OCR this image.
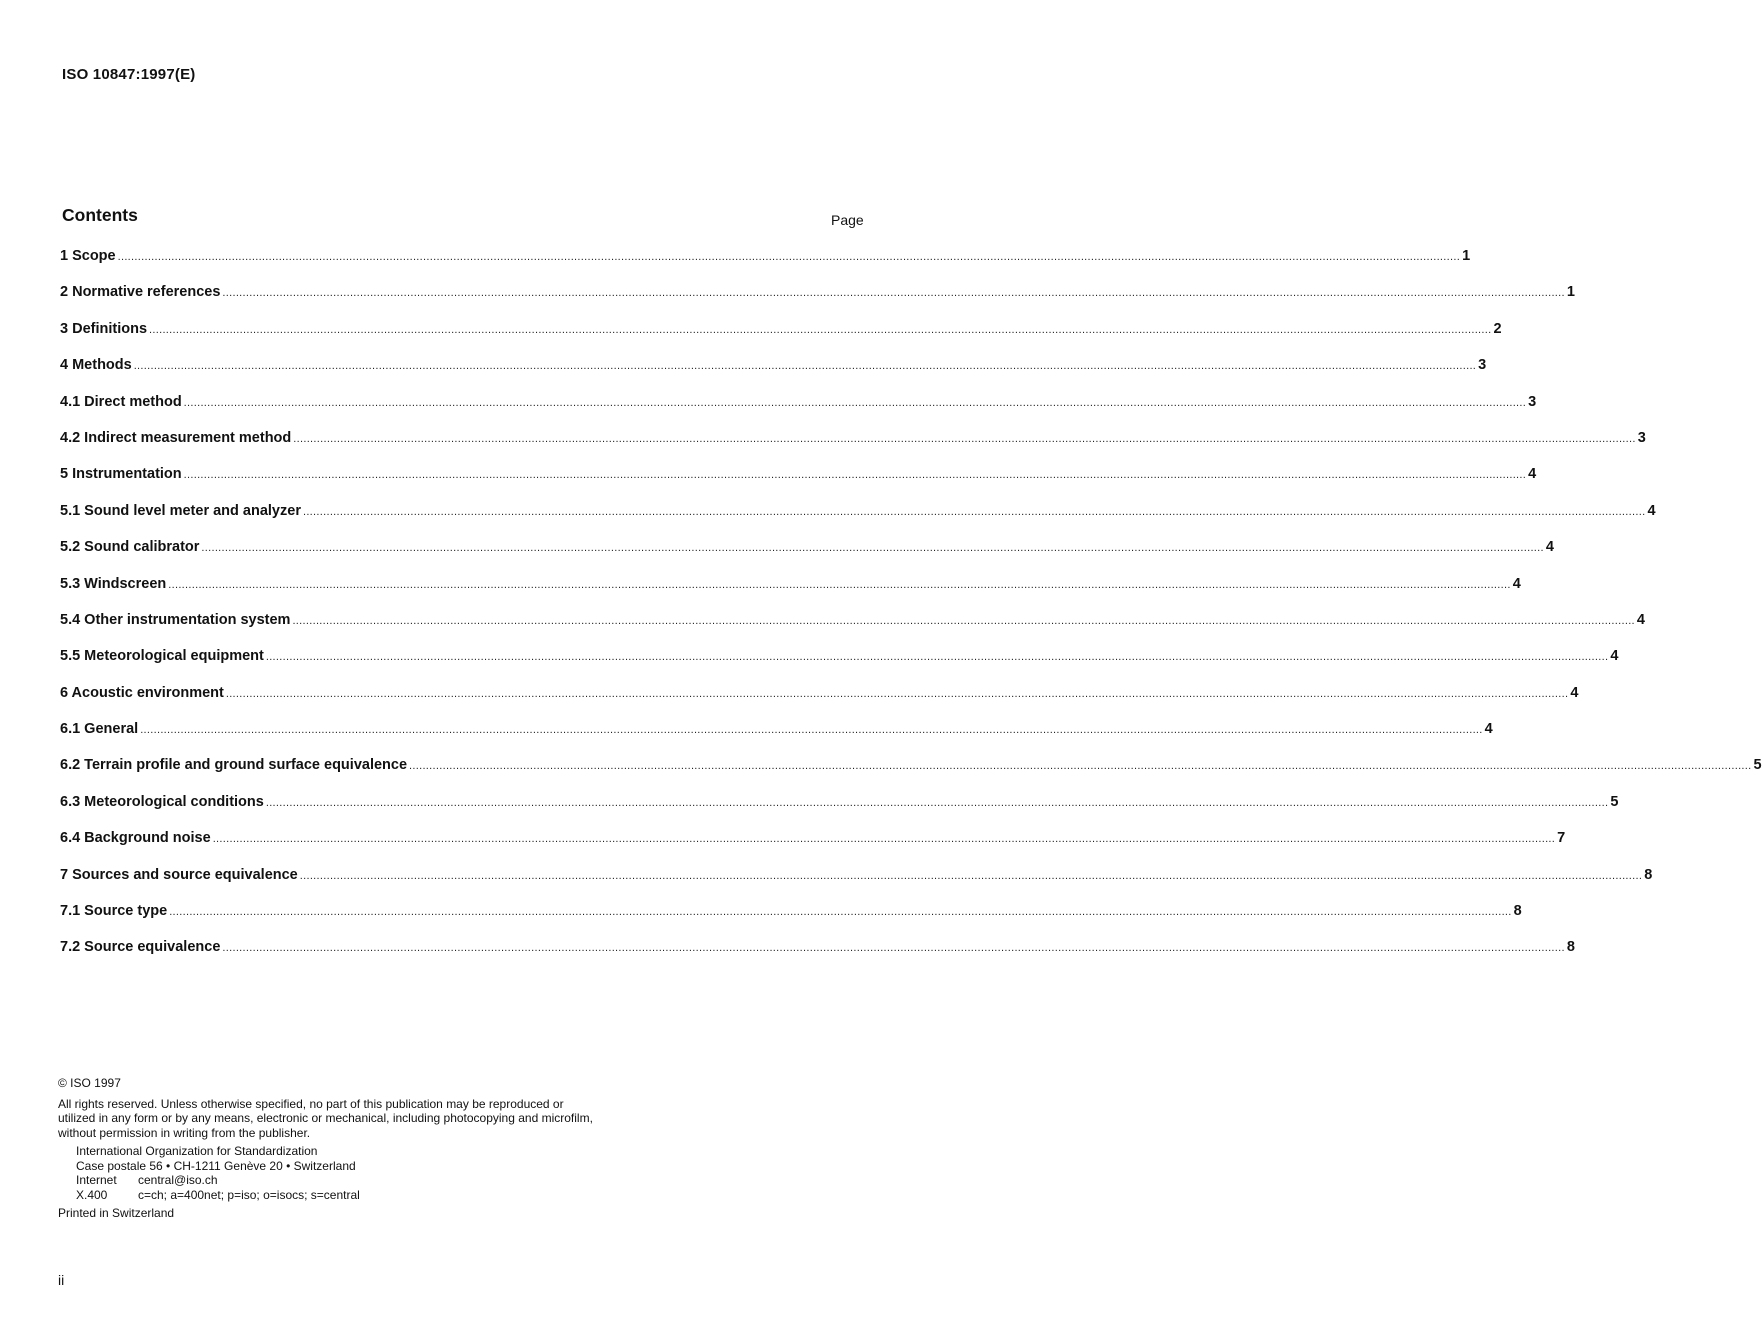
ISO 10847:1997(E)
Contents	Page
1 Scope ................................................................................................................................................................................................................................................................................................................................................................................................................ 1
2 Normative references ................................................................................................................................................................................................................................................................................................................................................................................................................ 1
3 Definitions ................................................................................................................................................................................................................................................................................................................................................................................................................ 2
4 Methods ................................................................................................................................................................................................................................................................................................................................................................................................................ 3
4.1 Direct method ................................................................................................................................................................................................................................................................................................................................................................................................................ 3
4.2 Indirect measurement method ................................................................................................................................................................................................................................................................................................................................................................................................................ 3
5 Instrumentation ................................................................................................................................................................................................................................................................................................................................................................................................................ 4
5.1 Sound level meter and analyzer ................................................................................................................................................................................................................................................................................................................................................................................................................ 4
5.2 Sound calibrator ................................................................................................................................................................................................................................................................................................................................................................................................................ 4
5.3 Windscreen ................................................................................................................................................................................................................................................................................................................................................................................................................ 4
5.4 Other instrumentation system ................................................................................................................................................................................................................................................................................................................................................................................................................ 4
5.5 Meteorological equipment ................................................................................................................................................................................................................................................................................................................................................................................................................ 4
6 Acoustic environment ................................................................................................................................................................................................................................................................................................................................................................................................................ 4
6.1 General ................................................................................................................................................................................................................................................................................................................................................................................................................ 4
6.2 Terrain profile and ground surface equivalence ................................................................................................................................................................................................................................................................................................................................................................................................................ 5
6.3 Meteorological conditions ................................................................................................................................................................................................................................................................................................................................................................................................................ 5
6.4 Background noise ................................................................................................................................................................................................................................................................................................................................................................................................................ 7
7 Sources and source equivalence ................................................................................................................................................................................................................................................................................................................................................................................................................ 8
7.1 Source type ................................................................................................................................................................................................................................................................................................................................................................................................................ 8
7.2 Source equivalence ................................................................................................................................................................................................................................................................................................................................................................................................................ 8

© ISO 1997

All rights reserved. Unless otherwise specified, no part of this publication may be reproduced or utilized in any form or by any means, electronic or mechanical, including photocopying and microfilm, without permission in writing from the publisher.

International Organization for Standardization

Case postale 56 • CH-1211 Genève 20 • Switzerland

Internet	central@iso.ch
X.400	c=ch; a=400net; p=iso; o=isocs; s=central

Printed in Switzerland

ii
